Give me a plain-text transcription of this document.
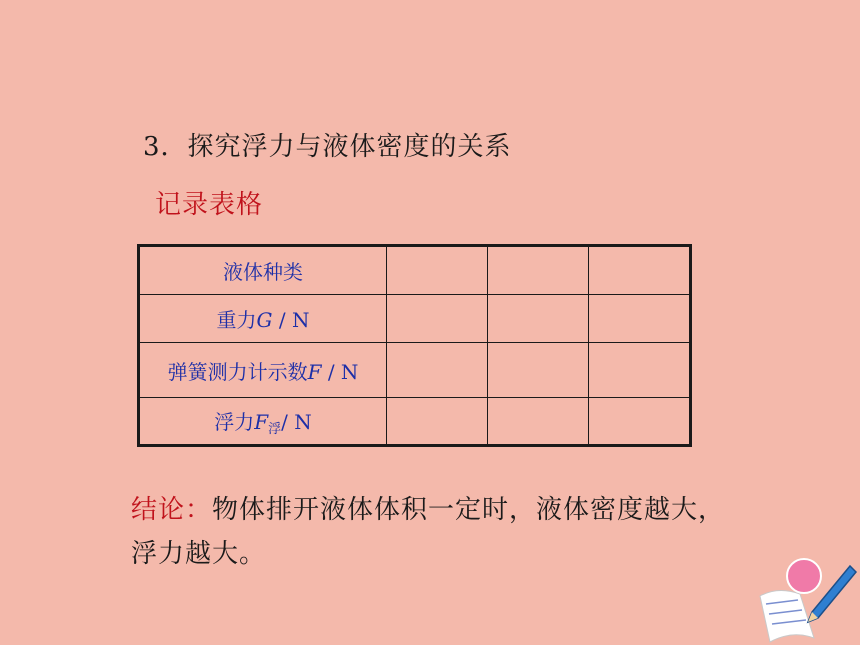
3．探究浮力与液体密度的关系
记录表格
液体种类			
重力G / N			
弹簧测力计示数F / N			
浮力$F_浮/$ N			
结论：物体排开液体体积一定时，液体密度越大，浮力越大。
